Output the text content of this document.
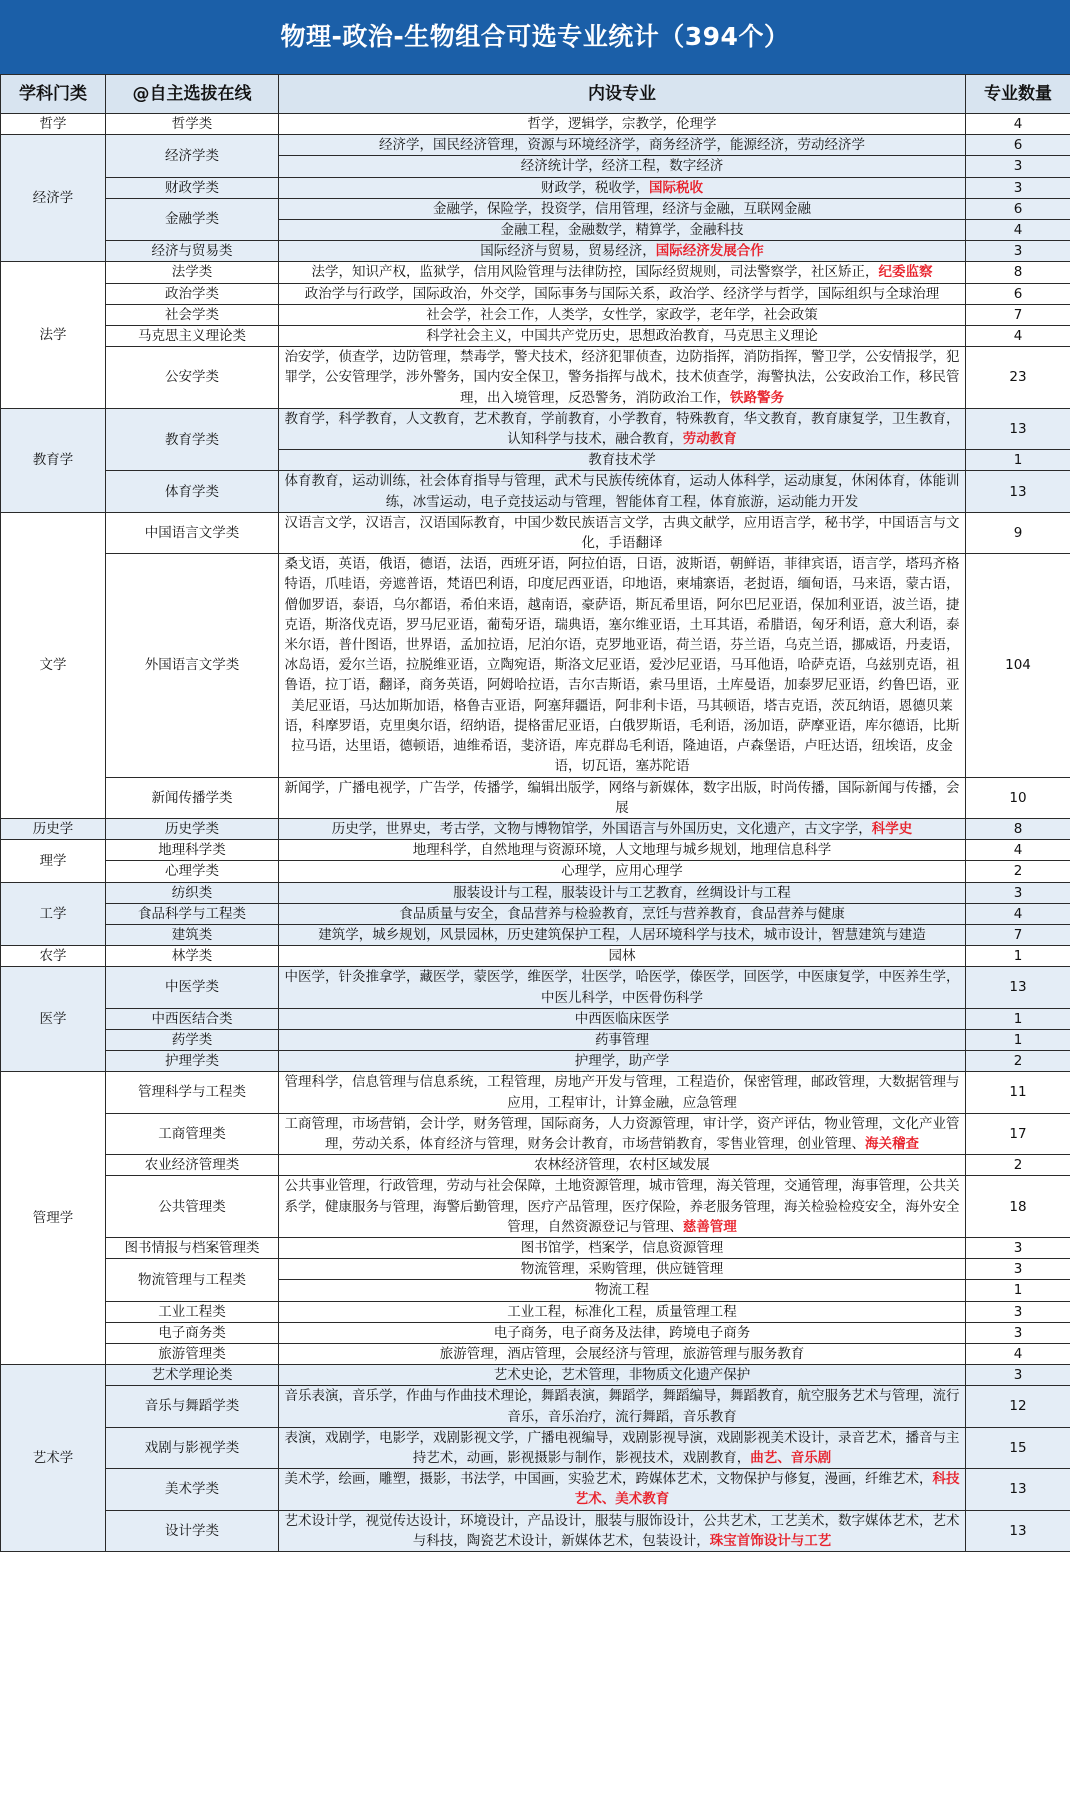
物理-政治-生物组合可选专业统计（394个）
学科门类	@自主选拔在线	内设专业	专业数量
哲学	哲学类	哲学，逻辑学，宗教学，伦理学	4
经济学	经济学类	经济学，国民经济管理，资源与环境经济学，商务经济学，能源经济，劳动经济学	6
		经济统计学，经济工程，数字经济	3
	财政学类	财政学，税收学，国际税收	3
	金融学类	金融学，保险学，投资学，信用管理，经济与金融，互联网金融	6
		金融工程，金融数学，精算学，金融科技	4
	经济与贸易类	国际经济与贸易，贸易经济，国际经济发展合作	3
法学	法学类	法学，知识产权，监狱学，信用风险管理与法律防控，国际经贸规则，司法警察学，社区矫正，纪委监察	8
	政治学类	政治学与行政学，国际政治，外交学，国际事务与国际关系，政治学、经济学与哲学，国际组织与全球治理	6
	社会学类	社会学，社会工作，人类学，女性学，家政学，老年学，社会政策	7
	马克思主义理论类	科学社会主义，中国共产党历史，思想政治教育，马克思主义理论	4
	公安学类	治安学，侦查学，边防管理，禁毒学，警犬技术，经济犯罪侦查，边防指挥，消防指挥，警卫学，公安情报学，犯罪学，公安管理学，涉外警务，国内安全保卫，警务指挥与战术，技术侦查学，海警执法，公安政治工作，移民管理，出入境管理，反恐警务，消防政治工作，铁路警务	23
教育学	教育学类	教育学，科学教育，人文教育，艺术教育，学前教育，小学教育，特殊教育，华文教育，教育康复学，卫生教育，认知科学与技术，融合教育，劳动教育	13
		教育技术学	1
	体育学类	体育教育，运动训练，社会体育指导与管理，武术与民族传统体育，运动人体科学，运动康复，休闲体育，体能训练，冰雪运动，电子竞技运动与管理，智能体育工程，体育旅游，运动能力开发	13
文学	中国语言文学类	汉语言文学，汉语言，汉语国际教育，中国少数民族语言文学，古典文献学，应用语言学，秘书学，中国语言与文化，手语翻译	9
	外国语言文学类	桑戈语，英语，俄语，德语，法语，西班牙语，阿拉伯语，日语，波斯语，朝鲜语，菲律宾语，语言学，塔玛齐格特语，爪哇语，旁遮普语，梵语巴利语，印度尼西亚语，印地语，柬埔寨语，老挝语，缅甸语，马来语，蒙古语，僧伽罗语，泰语，乌尔都语，希伯来语，越南语，豪萨语，斯瓦希里语，阿尔巴尼亚语，保加利亚语，波兰语，捷克语，斯洛伐克语，罗马尼亚语，葡萄牙语，瑞典语，塞尔维亚语，土耳其语，希腊语，匈牙利语，意大利语，泰米尔语，普什图语，世界语，孟加拉语，尼泊尔语，克罗地亚语，荷兰语，芬兰语，乌克兰语，挪威语，丹麦语，冰岛语，爱尔兰语，拉脱维亚语，立陶宛语，斯洛文尼亚语，爱沙尼亚语，马耳他语，哈萨克语，乌兹别克语，祖鲁语，拉丁语，翻译，商务英语，阿姆哈拉语，吉尔吉斯语，索马里语，土库曼语，加泰罗尼亚语，约鲁巴语，亚美尼亚语，马达加斯加语，格鲁吉亚语，阿塞拜疆语，阿非利卡语，马其顿语，塔吉克语，茨瓦纳语，恩德贝莱语，科摩罗语，克里奥尔语，绍纳语，提格雷尼亚语，白俄罗斯语，毛利语，汤加语，萨摩亚语，库尔德语，比斯拉马语，达里语，德顿语，迪维希语，斐济语，库克群岛毛利语，隆迪语，卢森堡语，卢旺达语，纽埃语，皮金语，切瓦语，塞苏陀语	104
	新闻传播学类	新闻学，广播电视学，广告学，传播学，编辑出版学，网络与新媒体，数字出版，时尚传播，国际新闻与传播，会展	10
历史学	历史学类	历史学，世界史，考古学，文物与博物馆学，外国语言与外国历史，文化遗产，古文字学，科学史	8
理学	地理科学类	地理科学，自然地理与资源环境，人文地理与城乡规划，地理信息科学	4
	心理学类	心理学，应用心理学	2
工学	纺织类	服装设计与工程，服装设计与工艺教育，丝绸设计与工程	3
	食品科学与工程类	食品质量与安全，食品营养与检验教育，烹饪与营养教育，食品营养与健康	4
	建筑类	建筑学，城乡规划，风景园林，历史建筑保护工程，人居环境科学与技术，城市设计，智慧建筑与建造	7
农学	林学类	园林	1
医学	中医学类	中医学，针灸推拿学，藏医学，蒙医学，维医学，壮医学，哈医学，傣医学，回医学，中医康复学，中医养生学，中医儿科学，中医骨伤科学	13
	中西医结合类	中西医临床医学	1
	药学类	药事管理	1
	护理学类	护理学，助产学	2
管理学	管理科学与工程类	管理科学，信息管理与信息系统，工程管理，房地产开发与管理，工程造价，保密管理，邮政管理，大数据管理与应用，工程审计，计算金融，应急管理	11
	工商管理类	工商管理，市场营销，会计学，财务管理，国际商务，人力资源管理，审计学，资产评估，物业管理，文化产业管理，劳动关系，体育经济与管理，财务会计教育，市场营销教育，零售业管理，创业管理、海关稽查	17
	农业经济管理类	农林经济管理，农村区域发展	2
	公共管理类	公共事业管理，行政管理，劳动与社会保障，土地资源管理，城市管理，海关管理，交通管理，海事管理，公共关系学，健康服务与管理，海警后勤管理，医疗产品管理，医疗保险，养老服务管理，海关检验检疫安全，海外安全管理，自然资源登记与管理、慈善管理	18
	图书情报与档案管理类	图书馆学，档案学，信息资源管理	3
	物流管理与工程类	物流管理，采购管理，供应链管理	3
		物流工程	1
	工业工程类	工业工程，标准化工程，质量管理工程	3
	电子商务类	电子商务，电子商务及法律，跨境电子商务	3
	旅游管理类	旅游管理，酒店管理，会展经济与管理，旅游管理与服务教育	4
艺术学	艺术学理论类	艺术史论，艺术管理，非物质文化遗产保护	3
	音乐与舞蹈学类	音乐表演，音乐学，作曲与作曲技术理论，舞蹈表演，舞蹈学，舞蹈编导，舞蹈教育，航空服务艺术与管理，流行音乐，音乐治疗，流行舞蹈，音乐教育	12
	戏剧与影视学类	表演，戏剧学，电影学，戏剧影视文学，广播电视编导，戏剧影视导演，戏剧影视美术设计，录音艺术，播音与主持艺术，动画，影视摄影与制作，影视技术，戏剧教育，曲艺、音乐剧	15
	美术学类	美术学，绘画，雕塑，摄影，书法学，中国画，实验艺术，跨媒体艺术，文物保护与修复，漫画，纤维艺术，科技艺术、美术教育	13
	设计学类	艺术设计学，视觉传达设计，环境设计，产品设计，服装与服饰设计，公共艺术，工艺美术，数字媒体艺术，艺术与科技，陶瓷艺术设计，新媒体艺术，包装设计，珠宝首饰设计与工艺	13
